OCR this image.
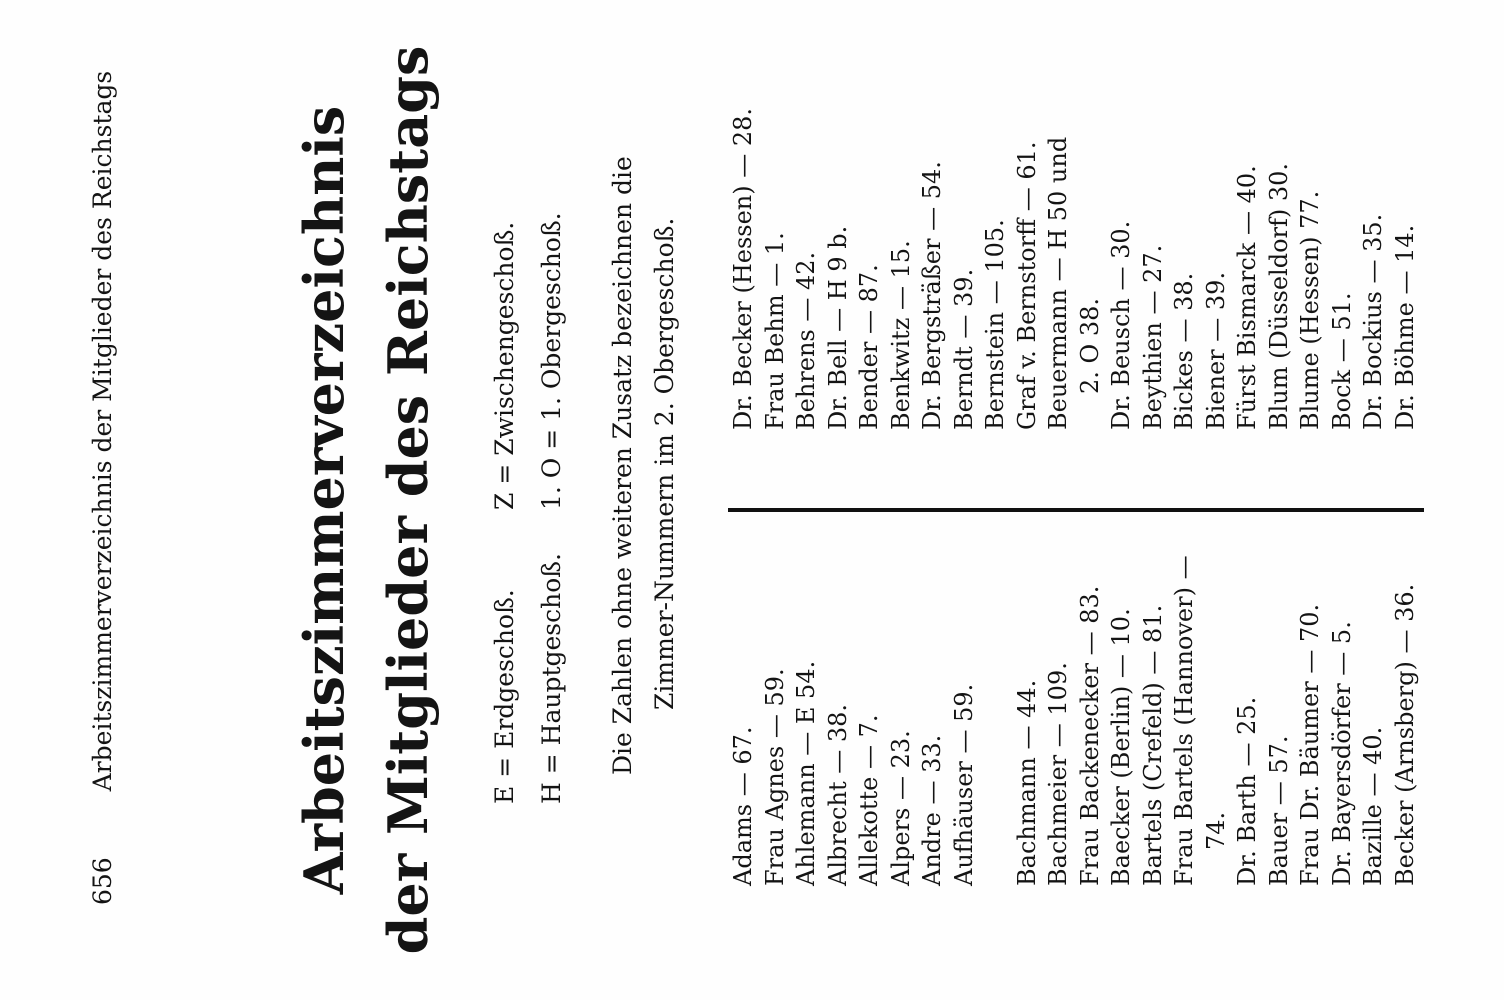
656 Arbeitszimmerverzeichnis der Mitglieder des Reichstags	Arbeitszimmerverzeichnis der Mitglieder des Reichstags E = Erdgeschoß.
Z = Zwischengeschoß.
H = Hauptgeschoß.
1. O = 1. Obergeschoß. Die Zahlen ohne weiteren Zusatz bezeichnen die Zimmer-Nummern im 2. Obergeschoß.
Adams — 67. Frau Agnes — 59. Ahlemann — E 54. Albrecht — 38. Allekotte — 7. Alpers — 23. Andre — 33. Aufhäuser — 59. Bachmann — 44. Bachmeier — 109. Frau Backenecker — 83. Baecker (Berlin) — 10. Bartels (Crefeld) — 81. Frau Bartels (Hannover) — 74. Dr. Barth — 25. Bauer — 57. Frau Dr. Bäumer — 70. Dr. Bayersdörfer — 5. Bazille — 40. Becker (Arnsberg) — 36.
Dr. Becker (Hessen) — 28. Frau Behm — 1. Behrens — 42. Dr. Bell — H 9 b. Bender — 87. Benkwitz — 15. Dr. Bergsträßer — 54. Berndt — 39. Bernstein — 105. Graf v. Bernstorff — 61. Beuermann — H 50 und 2. O 38. Dr. Beusch — 30. Beythien — 27. Bickes — 38. Biener — 39. Fürst Bismarck — 40. Blum (Düsseldorf) 30. Blume (Hessen) 77. Bock — 51. Dr. Bockius — 35. Dr. Böhme — 14.
